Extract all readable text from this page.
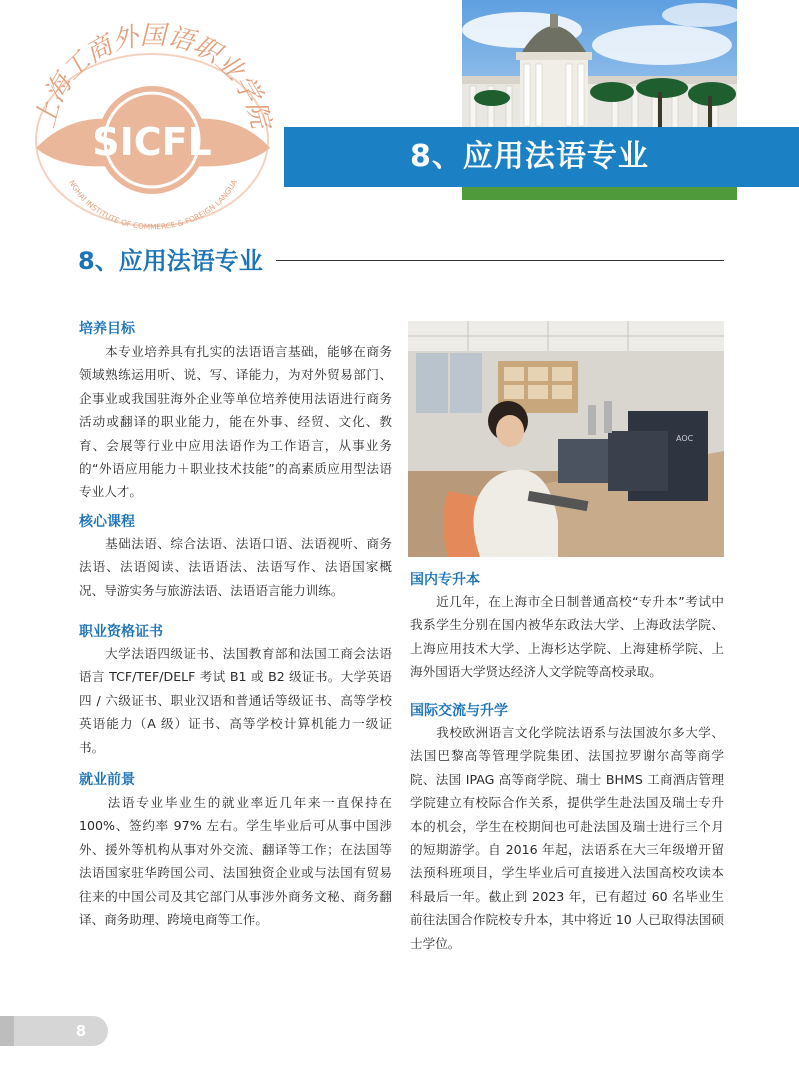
SICFL
上海工商外国语职业学院
NGHAI INSTITUTE OF COMMERCE & FOREIGN LANGUA
8、应用法语专业
8、应用法语专业
培养目标
　　本专业培养具有扎实的法语语言基础，能够在商务领域熟练运用听、说、写、译能力，为对外贸易部门、企事业或我国驻海外企业等单位培养使用法语进行商务活动或翻译的职业能力，能在外事、经贸、文化、教育、会展等行业中应用法语作为工作语言，从事业务的“外语应用能力＋职业技术技能”的高素质应用型法语专业人才。
核心课程
　　基础法语、综合法语、法语口语、法语视听、商务法语、法语阅读、法语语法、法语写作、法语国家概况、导游实务与旅游法语、法语语言能力训练。
职业资格证书
　　大学法语四级证书、法国教育部和法国工商会法语语言 TCF/TEF/DELF 考试 B1 或 B2 级证书。大学英语四 / 六级证书、职业汉语和普通话等级证书、高等学校英语能力（A 级）证书、高等学校计算机能力一级证书。
就业前景
　　法语专业毕业生的就业率近几年来一直保持在 100%、签约率 97% 左右。学生毕业后可从事中国涉外、援外等机构从事对外交流、翻译等工作；在法国等法语国家驻华跨国公司、法国独资企业或与法国有贸易往来的中国公司及其它部门从事涉外商务文秘、商务翻译、商务助理、跨境电商等工作。
AOC
国内专升本
　　近几年，在上海市全日制普通高校“专升本”考试中我系学生分别在国内被华东政法大学、上海政法学院、上海应用技术大学、上海杉达学院、上海建桥学院、上海外国语大学贤达经济人文学院等高校录取。
国际交流与升学
　　我校欧洲语言文化学院法语系与法国波尔多大学、法国巴黎高等管理学院集团、法国拉罗谢尔高等商学院、法国 IPAG 高等商学院、瑞士 BHMS 工商酒店管理学院建立有校际合作关系，提供学生赴法国及瑞士专升本的机会，学生在校期间也可赴法国及瑞士进行三个月的短期游学。自 2016 年起，法语系在大三年级增开留法预科班项目，学生毕业后可直接进入法国高校攻读本科最后一年。截止到 2023 年，已有超过 60 名毕业生前往法国合作院校专升本，其中将近 10 人已取得法国硕士学位。
8
